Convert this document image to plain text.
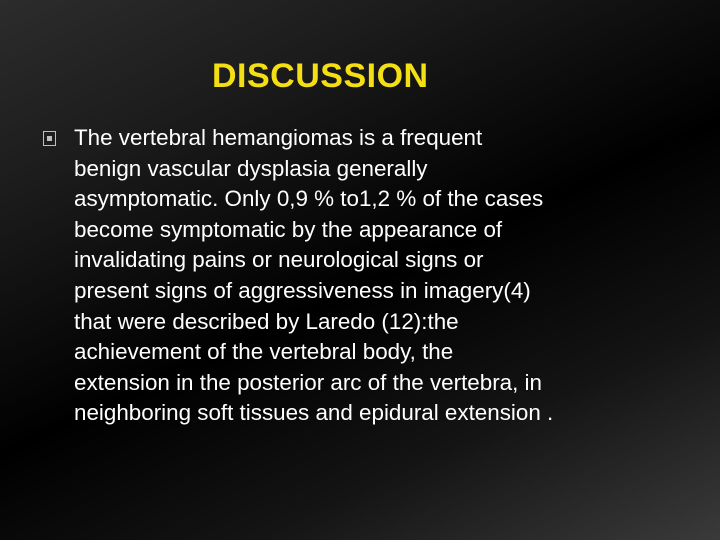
DISCUSSION
The vertebral hemangiomas is a frequent
benign vascular dysplasia generally
asymptomatic. Only 0,9 % to1,2 % of the cases
become symptomatic by the appearance of
invalidating pains or neurological signs or
present signs of aggressiveness in imagery(4)
that were described by Laredo (12):the
achievement of the vertebral body, the
extension in the posterior arc of the vertebra, in
neighboring soft tissues and epidural extension .
